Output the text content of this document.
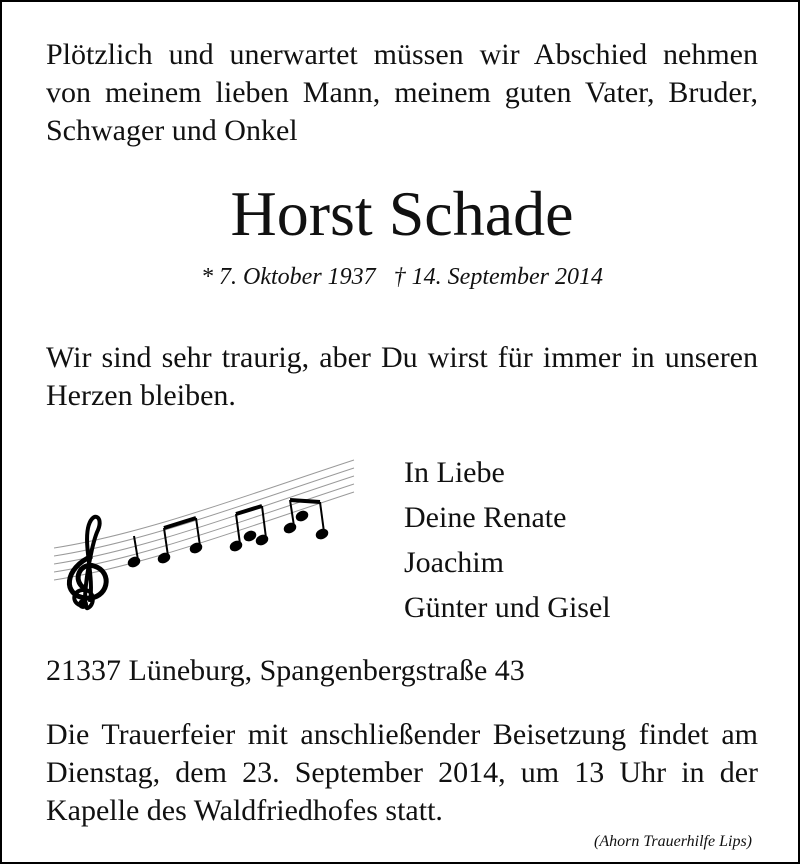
Plötzlich und unerwartet müssen wir Abschied nehmen von meinem lieben Mann, meinem guten Vater, Bruder, Schwager und Onkel
Horst Schade
* 7. Oktober 1937 † 14. September 2014
Wir sind sehr traurig, aber Du wirst für immer in unseren Herzen bleiben.
In Liebe
Deine Renate
Joachim
Günter und Gisel
21337 Lüneburg, Spangenbergstraße 43
Die Trauerfeier mit anschließender Beisetzung findet am Dienstag, dem 23. September 2014, um 13 Uhr in der Kapelle des Waldfriedhofes statt.
(Ahorn Trauerhilfe Lips)
